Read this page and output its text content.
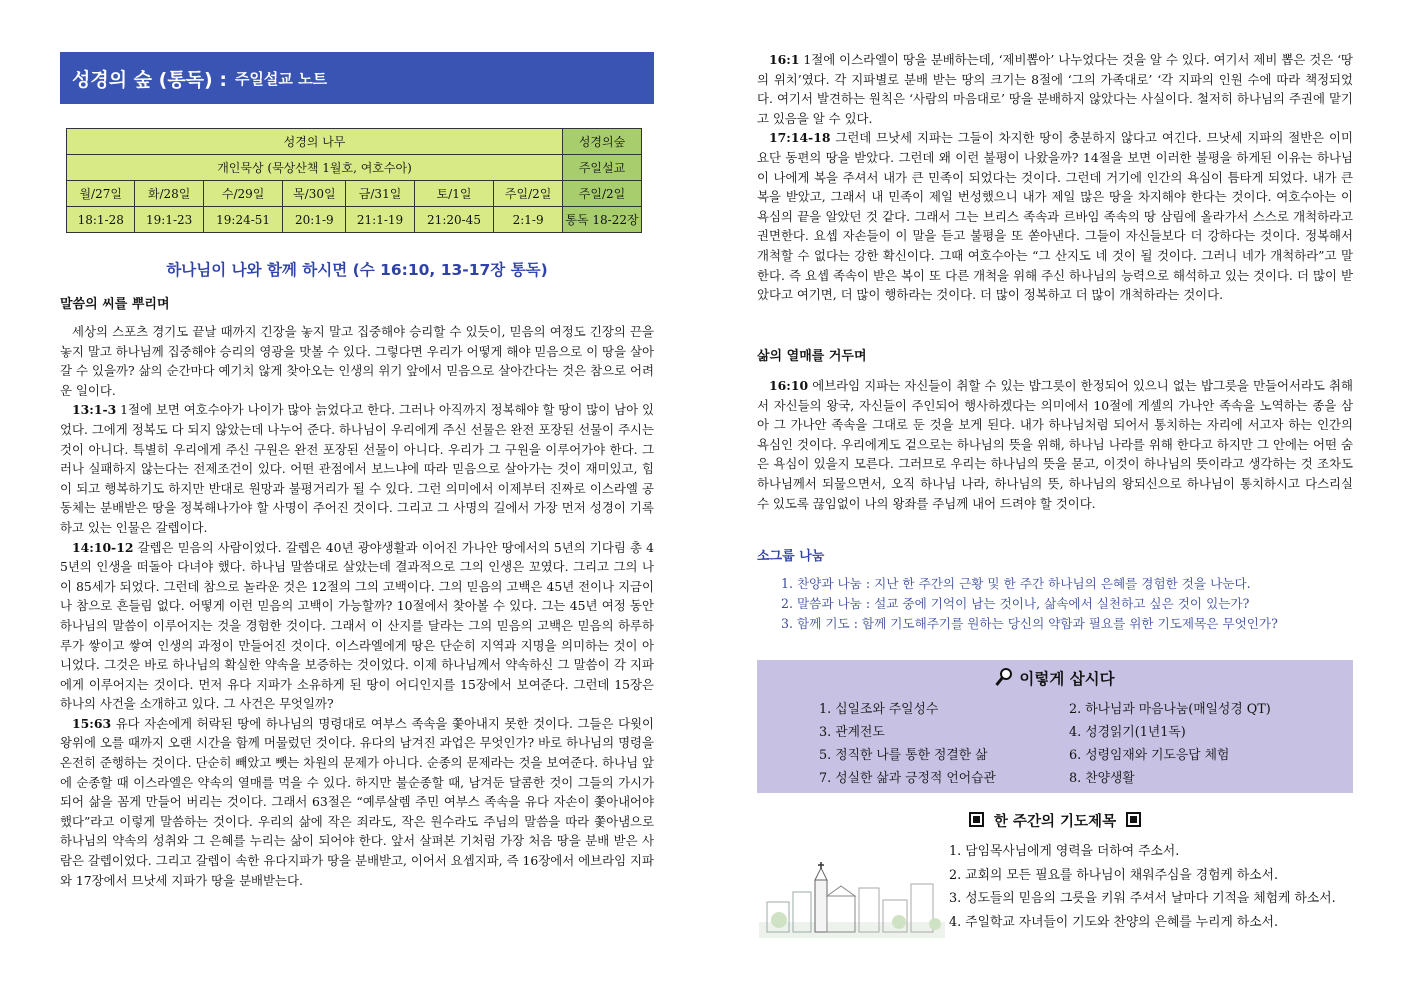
성경의 숲 (통독) : 주일설교 노트
성경의 나무							성경의숲
개인묵상 (묵상산책 1월호, 여호수아)							주일설교
월/27일	화/28일	수/29일	목/30일	금/31일	토/1일	주일/2일	주일/2일
18:1-28	19:1-23	19:24-51	20:1-9	21:1-19	21:20-45	2:1-9	통독 18-22장
하나님이 나와 함께 하시면 (수 16:10, 13-17장 통독)
말씀의 씨를 뿌리며

세상의 스포츠 경기도 끝날 때까지 긴장을 놓지 말고 집중해야 승리할 수 있듯이, 믿음의 여정도 긴장의 끈을 놓지 말고 하나님께 집중해야 승리의 영광을 맛볼 수 있다. 그렇다면 우리가 어떻게 해야 믿음으로 이 땅을 살아갈 수 있을까? 삶의 순간마다 예기치 않게 찾아오는 인생의 위기 앞에서 믿음으로 살아간다는 것은 참으로 어려운 일이다.

13:1-3 1절에 보면 여호수아가 나이가 많아 늙었다고 한다. 그러나 아직까지 정복해야 할 땅이 많이 남아 있었다. 그에게 정복도 다 되지 않았는데 나누어 준다. 하나님이 우리에게 주신 선물은 완전 포장된 선물이 주시는 것이 아니다. 특별히 우리에게 주신 구원은 완전 포장된 선물이 아니다. 우리가 그 구원을 이루어가야 한다. 그러나 실패하지 않는다는 전제조건이 있다. 어떤 관점에서 보느냐에 따라 믿음으로 살아가는 것이 재미있고, 힘이 되고 행복하기도 하지만 반대로 원망과 불평거리가 될 수 있다. 그런 의미에서 이제부터 진짜로 이스라엘 공동체는 분배받은 땅을 정복해나가야 할 사명이 주어진 것이다. 그리고 그 사명의 길에서 가장 먼저 성경이 기록하고 있는 인물은 갈렙이다.

14:10-12 갈렙은 믿음의 사람이었다. 갈렙은 40년 광야생활과 이어진 가나안 땅에서의 5년의 기다림 총 45년의 인생을 떠돌아 다녀야 했다. 하나님 말씀대로 살았는데 결과적으로 그의 인생은 꼬였다. 그리고 그의 나이 85세가 되었다. 그런데 참으로 놀라운 것은 12절의 그의 고백이다. 그의 믿음의 고백은 45년 전이나 지금이나 참으로 흔들림 없다. 어떻게 이런 믿음의 고백이 가능할까? 10절에서 찾아볼 수 있다. 그는 45년 여정 동안 하나님의 말씀이 이루어지는 것을 경험한 것이다. 그래서 이 산지를 달라는 그의 믿음의 고백은 믿음의 하루하루가 쌓이고 쌓여 인생의 과정이 만들어진 것이다. 이스라엘에게 땅은 단순히 지역과 지명을 의미하는 것이 아니었다. 그것은 바로 하나님의 확실한 약속을 보증하는 것이었다. 이제 하나님께서 약속하신 그 말씀이 각 지파에게 이루어지는 것이다. 먼저 유다 지파가 소유하게 된 땅이 어디인지를 15장에서 보여준다. 그런데 15장은 하나의 사건을 소개하고 있다. 그 사건은 무엇일까?

15:63 유다 자손에게 허락된 땅에 하나님의 명령대로 여부스 족속을 쫓아내지 못한 것이다. 그들은 다윗이 왕위에 오를 때까지 오랜 시간을 함께 머물렀던 것이다. 유다의 남겨진 과업은 무엇인가? 바로 하나님의 명령을 온전히 준행하는 것이다. 단순히 빼았고 뺏는 차원의 문제가 아니다. 순종의 문제라는 것을 보여준다. 하나님 앞에 순종할 때 이스라엘은 약속의 열매를 먹을 수 있다. 하지만 불순종할 때, 남겨둔 달콤한 것이 그들의 가시가 되어 삶을 꼼게 만들어 버리는 것이다. 그래서 63절은 “예루살렘 주민 여부스 족속을 유다 자손이 쫓아내어야 했다”라고 이렇게 말씀하는 것이다. 우리의 삶에 작은 죄라도, 작은 원수라도 주님의 말씀을 따라 쫓아냄으로 하나님의 약속의 성취와 그 은혜를 누리는 삶이 되어야 한다. 앞서 살펴본 기처럼 가장 처음 땅을 분배 받은 사람은 갈렙이었다. 그리고 갈렙이 속한 유다지파가 땅을 분배받고, 이어서 요셉지파, 즉 16장에서 에브라임 지파와 17장에서 므낫세 지파가 땅을 분배받는다.

16:1 1절에 이스라엘이 땅을 분배하는데, ‘제비뽑아’ 나누었다는 것을 알 수 있다. 여기서 제비 뽑은 것은 ‘땅의 위치’였다. 각 지파별로 분배 받는 땅의 크기는 8절에 ‘그의 가족대로’ ‘각 지파의 인원 수에 따라 책정되었다. 여기서 발견하는 원칙은 ‘사람의 마음대로’ 땅을 분배하지 않았다는 사실이다. 철저히 하나님의 주권에 맡기고 있음을 알 수 있다.

17:14-18 그런데 므낫세 지파는 그들이 차지한 땅이 충분하지 않다고 여긴다. 므낫세 지파의 절반은 이미 요단 동편의 땅을 받았다. 그런데 왜 이런 불평이 나왔을까? 14절을 보면 이러한 불평을 하게된 이유는 하나님이 나에게 복을 주셔서 내가 큰 민족이 되었다는 것이다. 그런데 거기에 인간의 욕심이 틈타게 되었다. 내가 큰 복을 받았고, 그래서 내 민족이 제일 번성했으니 내가 제일 많은 땅을 차지해야 한다는 것이다. 여호수아는 이 욕심의 끝을 알았던 것 같다. 그래서 그는 브리스 족속과 르바임 족속의 땅 삼림에 올라가서 스스로 개척하라고 권면한다. 요셉 자손들이 이 말을 듣고 불평을 또 쏟아낸다. 그들이 자신들보다 더 강하다는 것이다. 정복해서 개척할 수 없다는 강한 확신이다. 그때 여호수아는 “그 산지도 네 것이 될 것이다. 그러니 네가 개척하라”고 말한다. 즉 요셉 족속이 받은 복이 또 다른 개척을 위해 주신 하나님의 능력으로 해석하고 있는 것이다. 더 많이 받았다고 여기면, 더 많이 행하라는 것이다. 더 많이 정복하고 더 많이 개척하라는 것이다.

삶의 열매를 거두며

16:10 에브라임 지파는 자신들이 취할 수 있는 밥그릇이 한정되어 있으니 없는 밥그릇을 만들어서라도 취해서 자신들의 왕국, 자신들이 주인되어 행사하겠다는 의미에서 10절에 게셀의 가나안 족속을 노역하는 종을 삼아 그 가나안 족속을 그대로 둔 것을 보게 된다. 내가 하나님처럼 되어서 통치하는 자리에 서고자 하는 인간의 욕심인 것이다. 우리에게도 겉으로는 하나님의 뜻을 위해, 하나님 나라를 위해 한다고 하지만 그 안에는 어떤 숨은 욕심이 있을지 모른다. 그러므로 우리는 하나님의 뜻을 묻고, 이것이 하나님의 뜻이라고 생각하는 것 조차도 하나님께서 되물으면서, 오직 하나님 나라, 하나님의 뜻, 하나님의 왕되신으로 하나님이 통치하시고 다스리실 수 있도록 끊임없이 나의 왕좌를 주님께 내어 드려야 할 것이다.

소그룹 나눔
1. 찬양과 나눔 : 지난 한 주간의 근황 및 한 주간 하나님의 은혜를 경험한 것을 나눈다.
2. 말씀과 나눔 : 설교 중에 기억이 남는 것이나, 삶속에서 실천하고 싶은 것이 있는가?
3. 함께 기도 : 함께 기도해주기를 원하는 당신의 약함과 필요를 위한 기도제목은 무엇인가?
이렇게 삽시다
1. 십일조와 주일성수	2. 하나님과 마음나눔(매일성경 QT)
3. 관계전도	4. 성경읽기(1년1독)
5. 정직한 나를 통한 정결한 삶	6. 성령임재와 기도응답 체험
7. 성실한 삶과 긍정적 언어습관	8. 찬양생활
한 주간의 기도제목
1. 담임목사님에게 영력을 더하여 주소서.
2. 교회의 모든 필요를 하나님이 채워주심을 경험케 하소서.
3. 성도들의 믿음의 그릇을 키워 주셔서 날마다 기적을 체험케 하소서.
4. 주일학교 자녀들이 기도와 찬양의 은혜를 누리게 하소서.
